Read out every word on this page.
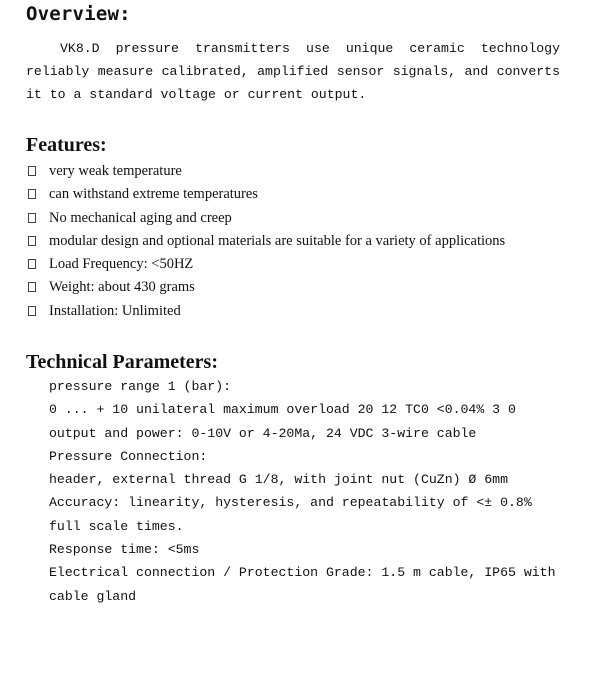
Overview:
VK8.D pressure transmitters use unique ceramic technology reliably measure calibrated, amplified sensor signals, and converts it to a standard voltage or current output.
Features:
very weak temperature
can withstand extreme temperatures
No mechanical aging and creep
modular design and optional materials are suitable for a variety of applications
Load Frequency: <50HZ
Weight: about 430 grams
Installation: Unlimited
Technical Parameters:
pressure range 1 (bar):
0 ... + 10 unilateral maximum overload 20 12 TC0 <0.04% 3 0
output and power: 0-10V or 4-20Ma, 24 VDC 3-wire cable
Pressure Connection:
header, external thread G 1/8, with joint nut (CuZn) Ø 6mm
Accuracy: linearity, hysteresis, and repeatability of <± 0.8% full scale times.
Response time: <5ms
Electrical connection / Protection Grade: 1.5 m cable, IP65 with cable gland
